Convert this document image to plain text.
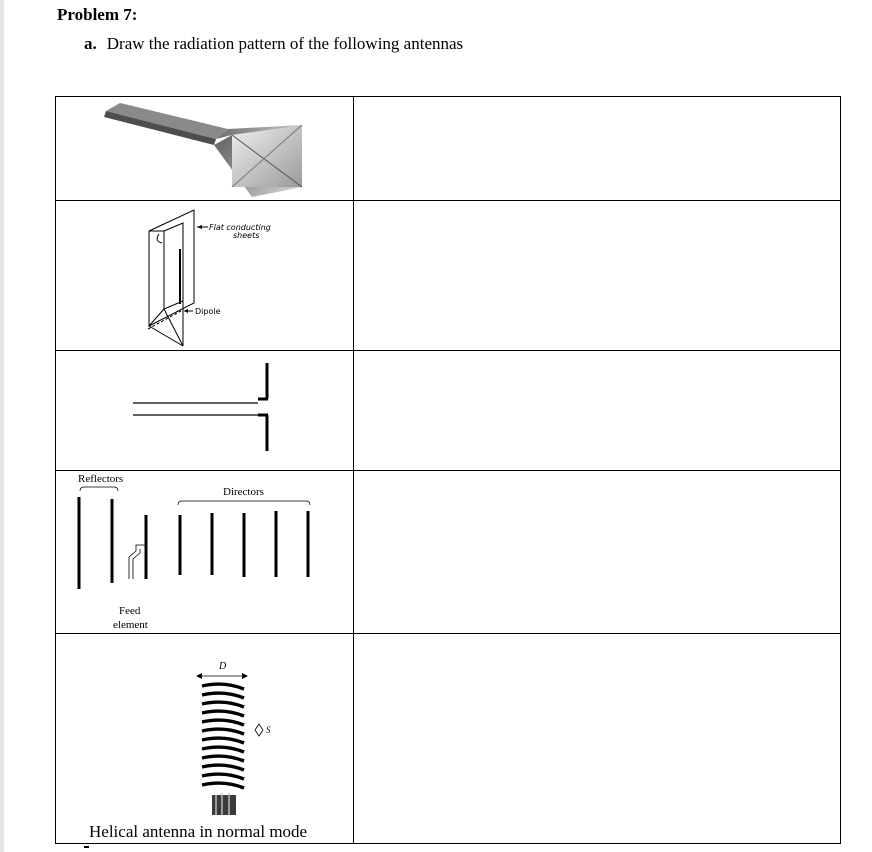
Problem 7:
a. Draw the radiation pattern of the following antennas

Flat conducting
sheets
Dipole	

Reflectors
Directors
Feed
element	

D
S
Helical antenna in normal mode	
